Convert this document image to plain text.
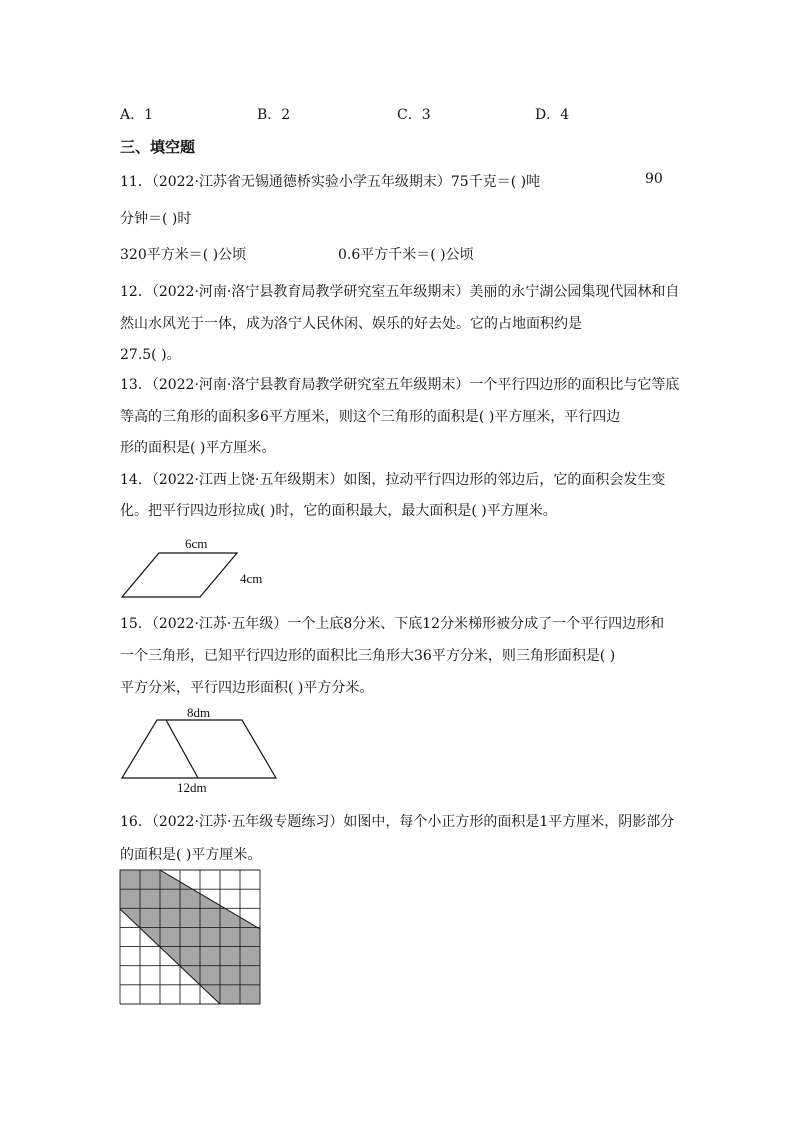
A．1	B．2	C．3	D．4
三、填空题
11．（2022·江苏省无锡通德桥实验小学五年级期末）75千克＝( )吨	90
分钟＝( )时
320平方米＝( )公顷	0.6平方千米＝( )公顷
12．（2022·河南·洛宁县教育局教学研究室五年级期末）美丽的永宁湖公园集现代园林和自
然山水风光于一体，成为洛宁人民休闲、娱乐的好去处。它的占地面积约是
27.5( )。
13．（2022·河南·洛宁县教育局教学研究室五年级期末）一个平行四边形的面积比与它等底
等高的三角形的面积多6平方厘米，则这个三角形的面积是( )平方厘米，平行四边
形的面积是( )平方厘米。
14．（2022·江西上饶·五年级期末）如图，拉动平行四边形的邻边后，它的面积会发生变
化。把平行四边形拉成( )时，它的面积最大，最大面积是( )平方厘米。
6cm
4cm
15．（2022·江苏·五年级）一个上底8分米、下底12分米梯形被分成了一个平行四边形和
一个三角形，已知平行四边形的面积比三角形大36平方分米，则三角形面积是( )
平方分米，平行四边形面积( )平方分米。
8dm
12dm
16．（2022·江苏·五年级专题练习）如图中，每个小正方形的面积是1平方厘米，阴影部分
的面积是( )平方厘米。
